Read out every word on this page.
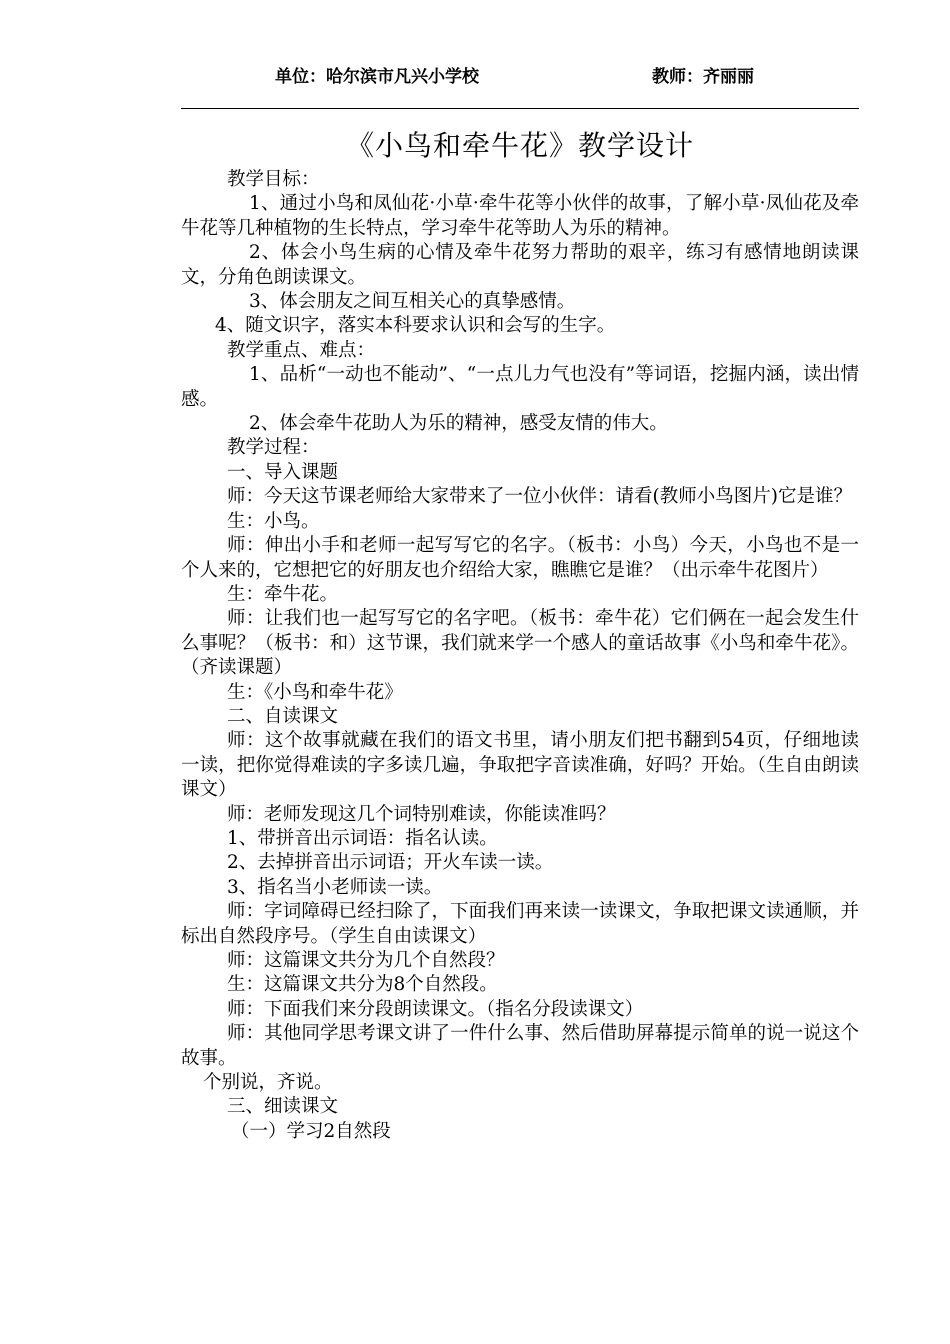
单位：哈尔滨市凡兴小学校	教师：齐丽丽
《小鸟和牵牛花》教学设计

教学目标：

1、通过小鸟和凤仙花·小草·牵牛花等小伙伴的故事，了解小草·凤仙花及牵牛花等几种植物的生长特点，学习牵牛花等助人为乐的精神。

2、体会小鸟生病的心情及牵牛花努力帮助的艰辛，练习有感情地朗读课文，分角色朗读课文。

3、体会朋友之间互相关心的真挚感情。

4、随文识字，落实本科要求认识和会写的生字。

教学重点、难点：

1、品析“一动也不能动”、“一点儿力气也没有”等词语，挖掘内涵，读出情感。

2、体会牵牛花助人为乐的精神，感受友情的伟大。

教学过程：

一、导入课题

师：今天这节课老师给大家带来了一位小伙伴：请看(教师小鸟图片)它是谁？

生：小鸟。

师：伸出小手和老师一起写写它的名字。（板书：小鸟）今天，小鸟也不是一个人来的，它想把它的好朋友也介绍给大家，瞧瞧它是谁？（出示牵牛花图片）

生：牵牛花。

师：让我们也一起写写它的名字吧。（板书：牵牛花）它们俩在一起会发生什么事呢？（板书：和）这节课，我们就来学一个感人的童话故事《小鸟和牵牛花》。（齐读课题）

生：《小鸟和牵牛花》

二、自读课文

师：这个故事就藏在我们的语文书里，请小朋友们把书翻到54页，仔细地读一读，把你觉得难读的字多读几遍，争取把字音读准确，好吗？开始。（生自由朗读课文）

师：老师发现这几个词特别难读，你能读准吗？

1、带拼音出示词语：指名认读。

2、去掉拼音出示词语；开火车读一读。

3、指名当小老师读一读。

师：字词障碍已经扫除了，下面我们再来读一读课文，争取把课文读通顺，并标出自然段序号。（学生自由读课文）

师：这篇课文共分为几个自然段？

生：这篇课文共分为8个自然段。

师：下面我们来分段朗读课文。（指名分段读课文）

师：其他同学思考课文讲了一件什么事、然后借助屏幕提示简单的说一说这个故事。

个别说，齐说。

三、细读课文

（一）学习2自然段
